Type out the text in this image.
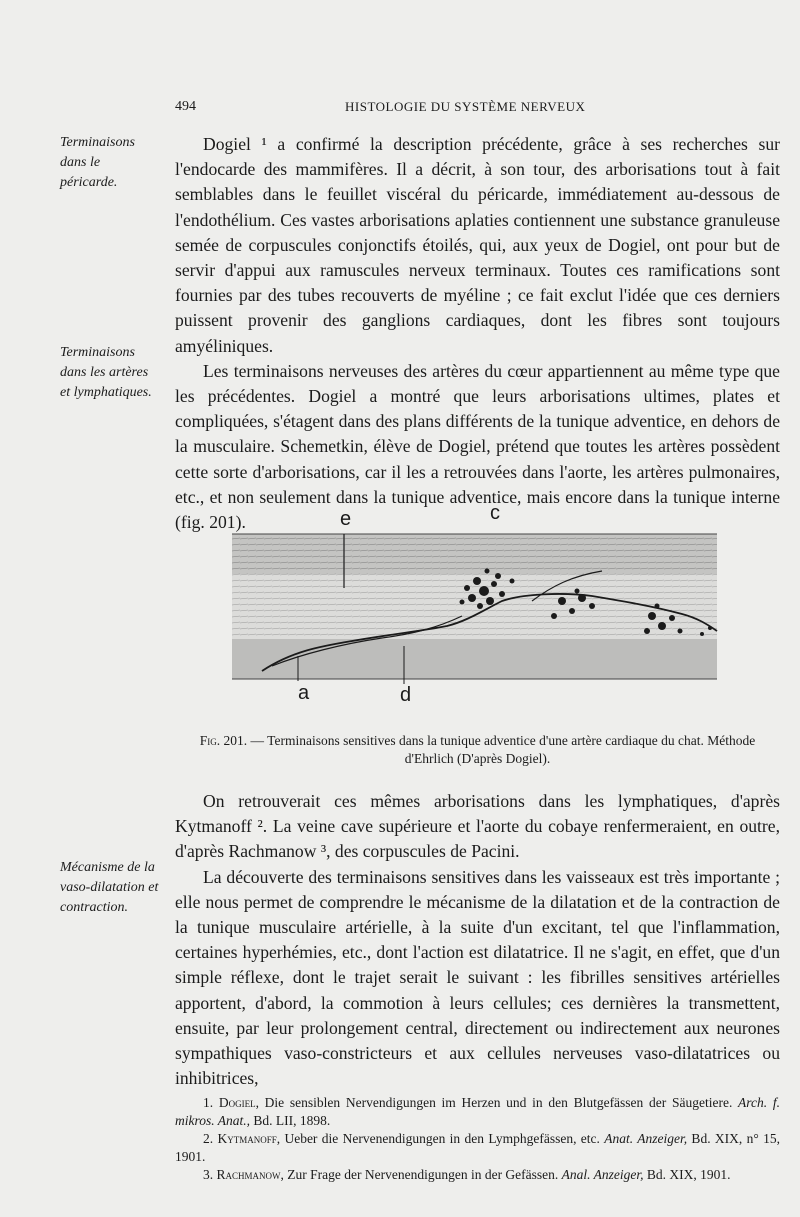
494	HISTOLOGIE DU SYSTÈME NERVEUX
Terminaisons dans le péricarde.
Terminaisons dans les artères et lymphatiques.
Mécanisme de la vaso-dilatation et contraction.

Dogiel ¹ a confirmé la description précédente, grâce à ses recherches sur l'endocarde des mammifères. Il a décrit, à son tour, des arborisations tout à fait semblables dans le feuillet viscéral du péricarde, immédiatement au-dessous de l'endothélium. Ces vastes arborisations aplaties contiennent une substance granuleuse semée de corpuscules conjonctifs étoilés, qui, aux yeux de Dogiel, ont pour but de servir d'appui aux ramuscules nerveux terminaux. Toutes ces ramifications sont fournies par des tubes recouverts de myéline ; ce fait exclut l'idée que ces derniers puissent provenir des ganglions cardiaques, dont les fibres sont toujours amyéliniques.

Les terminaisons nerveuses des artères du cœur appartiennent au même type que les précédentes. Dogiel a montré que leurs arborisations ultimes, plates et compliquées, s'étagent dans des plans différents de la tunique adventice, en dehors de la musculaire. Schemetkin, élève de Dogiel, prétend que toutes les artères possèdent cette sorte d'arborisations, car il les a retrouvées dans l'aorte, les artères pulmonaires, etc., et non seulement dans la tunique adventice, mais encore dans la tunique interne (fig. 201).	e	c
a	d
Fig. 201. — Terminaisons sensitives dans la tunique adventice d'une artère cardiaque du chat. Méthode d'Ehrlich (D'après Dogiel).

On retrouverait ces mêmes arborisations dans les lymphatiques, d'après Kytmanoff ². La veine cave supérieure et l'aorte du cobaye renfermeraient, en outre, d'après Rachmanow ³, des corpuscules de Pacini.

La découverte des terminaisons sensitives dans les vaisseaux est très importante ; elle nous permet de comprendre le mécanisme de la dilatation et de la contraction de la tunique musculaire artérielle, à la suite d'un excitant, tel que l'inflammation, certaines hyperhémies, etc., dont l'action est dilatatrice. Il ne s'agit, en effet, que d'un simple réflexe, dont le trajet serait le suivant : les fibrilles sensitives artérielles apportent, d'abord, la commotion à leurs cellules; ces dernières la transmettent, ensuite, par leur prolongement central, directement ou indirectement aux neurones sympathiques vaso-constricteurs et aux cellules nerveuses vaso-dilatatrices ou inhibitrices,

1. Dogiel, Die sensiblen Nervendigungen im Herzen und in den Blutgefässen der Säugetiere. Arch. f. mikros. Anat., Bd. LII, 1898.

2. Kytmanoff, Ueber die Nervenendigungen in den Lymphgefässen, etc. Anat. Anzeiger, Bd. XIX, n° 15, 1901.

3. Rachmanow, Zur Frage der Nervenendigungen in der Gefässen. Anal. Anzeiger, Bd. XIX, 1901.
